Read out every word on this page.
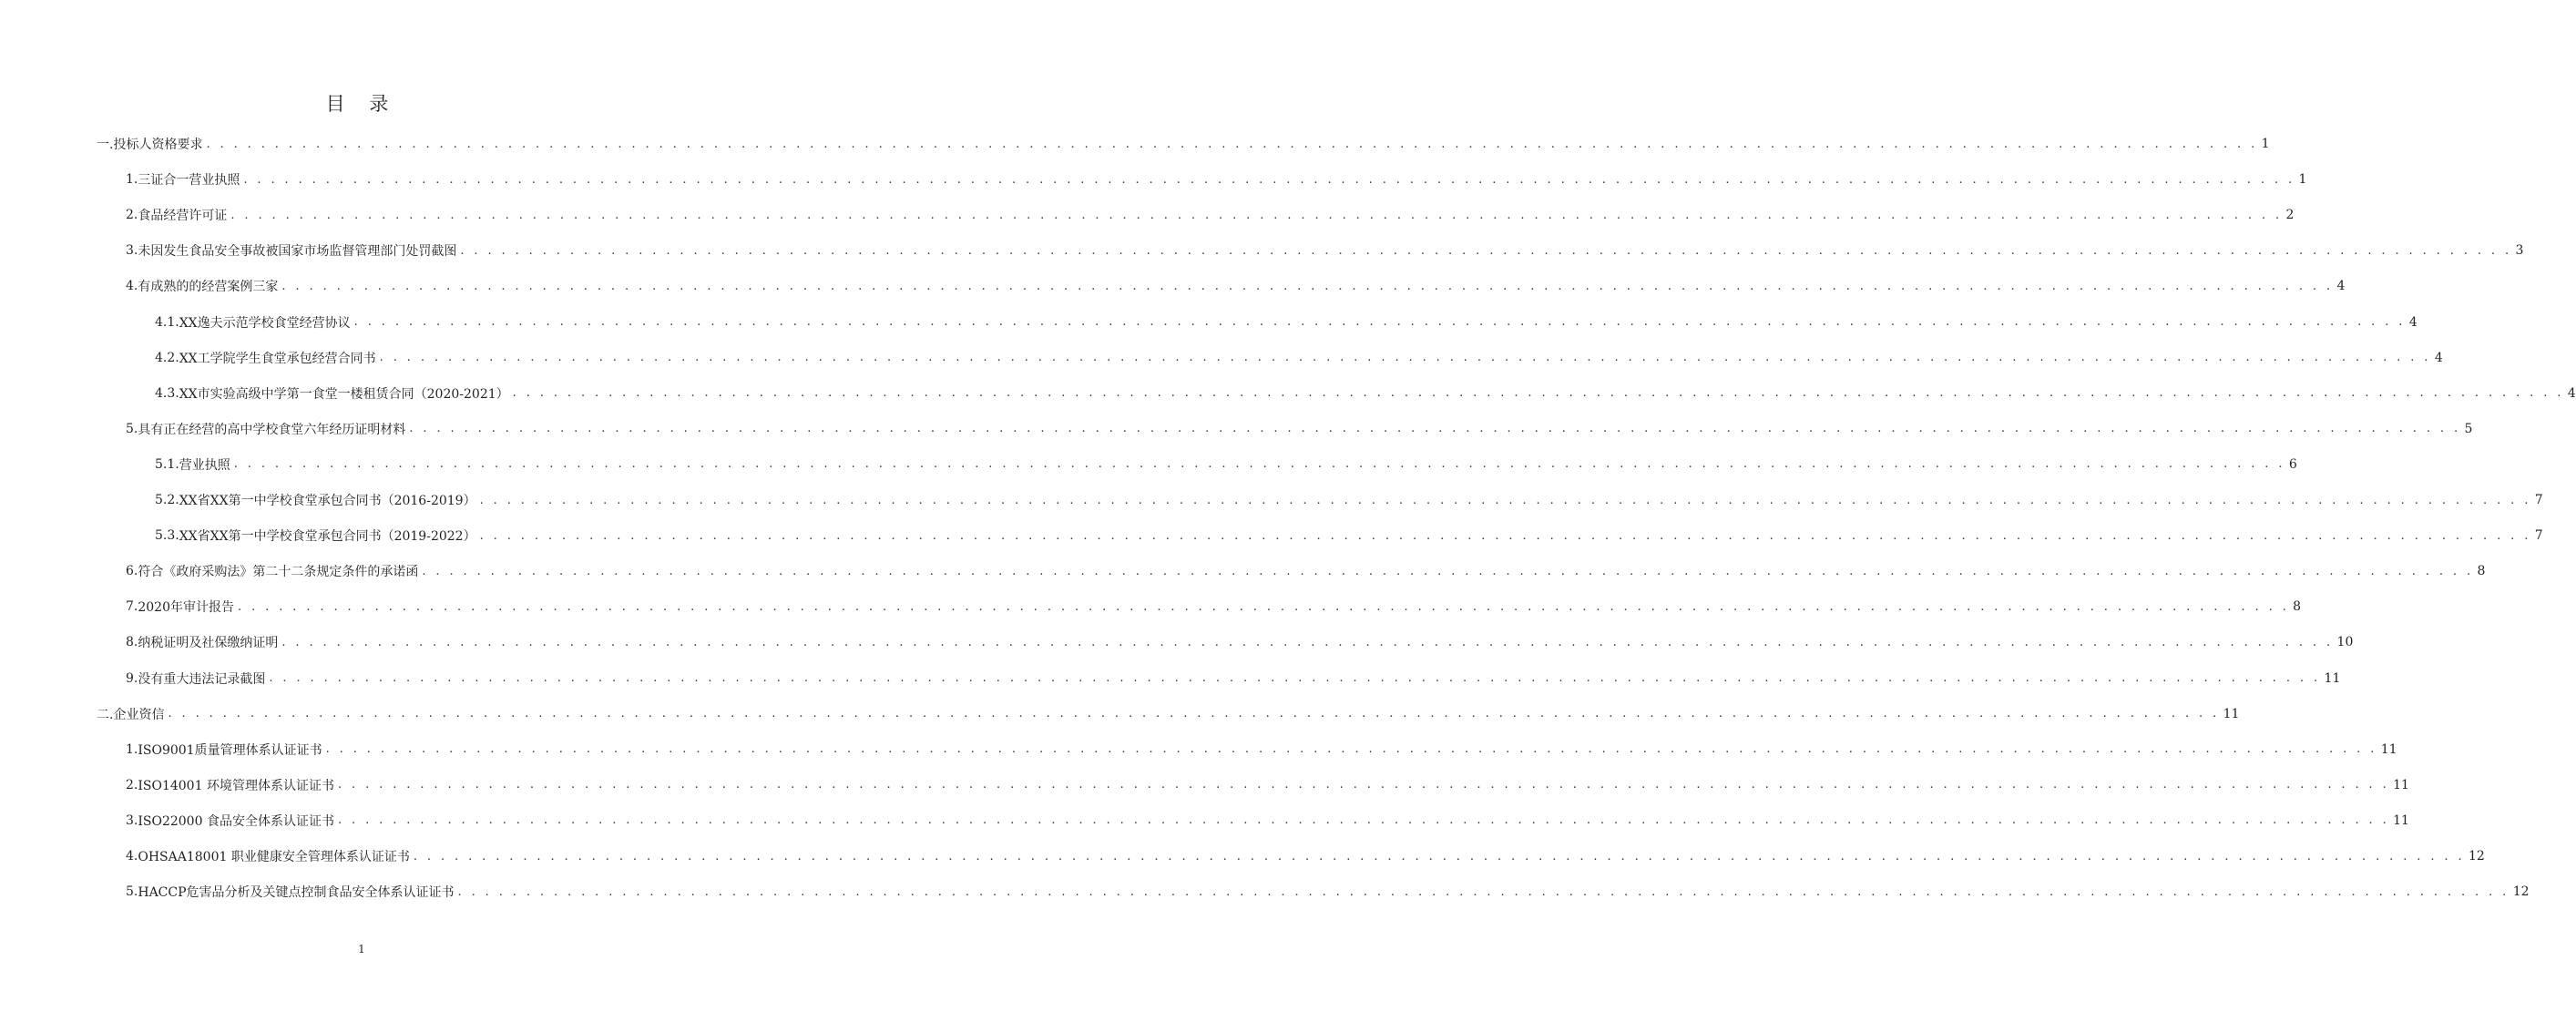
目 录
一. 投标人资格要求 . . . . . . . . . . . . . . . . . . . . . . . . . . . . . . . . . . . . . . . . . . . . . . . . . . . . . . . . . . . . . . . . . . . . . . . . . . . . . . . . . . . . . . . . . . . . . . . . . . . . . . . . . . . . . . . . . . . . . . . . . . . . . . . . . . . . . . . . . . . . . . . . . . . . . . 1
1. 三证合一营业执照 . . . . . . . . . . . . . . . . . . . . . . . . . . . . . . . . . . . . . . . . . . . . . . . . . . . . . . . . . . . . . . . . . . . . . . . . . . . . . . . . . . . . . . . . . . . . . . . . . . . . . . . . . . . . . . . . . . . . . . . . . . . . . . . . . . . . . . . . . . . . . . . . . . . . . . 1
2. 食品经营许可证 . . . . . . . . . . . . . . . . . . . . . . . . . . . . . . . . . . . . . . . . . . . . . . . . . . . . . . . . . . . . . . . . . . . . . . . . . . . . . . . . . . . . . . . . . . . . . . . . . . . . . . . . . . . . . . . . . . . . . . . . . . . . . . . . . . . . . . . . . . . . . . . . . . . . . . 2
3. 未因发生食品安全事故被国家市场监督管理部门处罚截图 . . . . . . . . . . . . . . . . . . . . . . . . . . . . . . . . . . . . . . . . . . . . . . . . . . . . . . . . . . . . . . . . . . . . . . . . . . . . . . . . . . . . . . . . . . . . . . . . . . . . . . . . . . . . . . . . . . . . . . . . . . . . . . . . . . . . . . . . . . . . . . . . . . . . . . 3
4. 有成熟的的经营案例三家 . . . . . . . . . . . . . . . . . . . . . . . . . . . . . . . . . . . . . . . . . . . . . . . . . . . . . . . . . . . . . . . . . . . . . . . . . . . . . . . . . . . . . . . . . . . . . . . . . . . . . . . . . . . . . . . . . . . . . . . . . . . . . . . . . . . . . . . . . . . . . . . . . . . . . . 4
4.1. XX逸夫示范学校食堂经营协议 . . . . . . . . . . . . . . . . . . . . . . . . . . . . . . . . . . . . . . . . . . . . . . . . . . . . . . . . . . . . . . . . . . . . . . . . . . . . . . . . . . . . . . . . . . . . . . . . . . . . . . . . . . . . . . . . . . . . . . . . . . . . . . . . . . . . . . . . . . . . . . . . . . . . . . 4
4.2. XX工学院学生食堂承包经营合同书 . . . . . . . . . . . . . . . . . . . . . . . . . . . . . . . . . . . . . . . . . . . . . . . . . . . . . . . . . . . . . . . . . . . . . . . . . . . . . . . . . . . . . . . . . . . . . . . . . . . . . . . . . . . . . . . . . . . . . . . . . . . . . . . . . . . . . . . . . . . . . . . . . . . . . . 4
4.3. XX市实验高级中学第一食堂一楼租赁合同（2020-2021） . . . . . . . . . . . . . . . . . . . . . . . . . . . . . . . . . . . . . . . . . . . . . . . . . . . . . . . . . . . . . . . . . . . . . . . . . . . . . . . . . . . . . . . . . . . . . . . . . . . . . . . . . . . . . . . . . . . . . . . . . . . . . . . . . . . . . . . . . . . . . . . . . . . . . . 4
5. 具有正在经营的高中学校食堂六年经历证明材料 . . . . . . . . . . . . . . . . . . . . . . . . . . . . . . . . . . . . . . . . . . . . . . . . . . . . . . . . . . . . . . . . . . . . . . . . . . . . . . . . . . . . . . . . . . . . . . . . . . . . . . . . . . . . . . . . . . . . . . . . . . . . . . . . . . . . . . . . . . . . . . . . . . . . . . 5
5.1. 营业执照 . . . . . . . . . . . . . . . . . . . . . . . . . . . . . . . . . . . . . . . . . . . . . . . . . . . . . . . . . . . . . . . . . . . . . . . . . . . . . . . . . . . . . . . . . . . . . . . . . . . . . . . . . . . . . . . . . . . . . . . . . . . . . . . . . . . . . . . . . . . . . . . . . . . . . . 6
5.2. XX省XX第一中学校食堂承包合同书（2016-2019） . . . . . . . . . . . . . . . . . . . . . . . . . . . . . . . . . . . . . . . . . . . . . . . . . . . . . . . . . . . . . . . . . . . . . . . . . . . . . . . . . . . . . . . . . . . . . . . . . . . . . . . . . . . . . . . . . . . . . . . . . . . . . . . . . . . . . . . . . . . . . . . . . . . . . . 7
5.3. XX省XX第一中学校食堂承包合同书（2019-2022） . . . . . . . . . . . . . . . . . . . . . . . . . . . . . . . . . . . . . . . . . . . . . . . . . . . . . . . . . . . . . . . . . . . . . . . . . . . . . . . . . . . . . . . . . . . . . . . . . . . . . . . . . . . . . . . . . . . . . . . . . . . . . . . . . . . . . . . . . . . . . . . . . . . . . . 7
6. 符合《政府采购法》第二十二条规定条件的承诺函 . . . . . . . . . . . . . . . . . . . . . . . . . . . . . . . . . . . . . . . . . . . . . . . . . . . . . . . . . . . . . . . . . . . . . . . . . . . . . . . . . . . . . . . . . . . . . . . . . . . . . . . . . . . . . . . . . . . . . . . . . . . . . . . . . . . . . . . . . . . . . . . . . . . . . . 8
7. 2020年审计报告 . . . . . . . . . . . . . . . . . . . . . . . . . . . . . . . . . . . . . . . . . . . . . . . . . . . . . . . . . . . . . . . . . . . . . . . . . . . . . . . . . . . . . . . . . . . . . . . . . . . . . . . . . . . . . . . . . . . . . . . . . . . . . . . . . . . . . . . . . . . . . . . . . . . . . . 8
8. 纳税证明及社保缴纳证明 . . . . . . . . . . . . . . . . . . . . . . . . . . . . . . . . . . . . . . . . . . . . . . . . . . . . . . . . . . . . . . . . . . . . . . . . . . . . . . . . . . . . . . . . . . . . . . . . . . . . . . . . . . . . . . . . . . . . . . . . . . . . . . . . . . . . . . . . . . . . . . . . . . . . . . 10
9. 没有重大违法记录截图 . . . . . . . . . . . . . . . . . . . . . . . . . . . . . . . . . . . . . . . . . . . . . . . . . . . . . . . . . . . . . . . . . . . . . . . . . . . . . . . . . . . . . . . . . . . . . . . . . . . . . . . . . . . . . . . . . . . . . . . . . . . . . . . . . . . . . . . . . . . . . . . . . . . . . . 11
二. 企业资信 . . . . . . . . . . . . . . . . . . . . . . . . . . . . . . . . . . . . . . . . . . . . . . . . . . . . . . . . . . . . . . . . . . . . . . . . . . . . . . . . . . . . . . . . . . . . . . . . . . . . . . . . . . . . . . . . . . . . . . . . . . . . . . . . . . . . . . . . . . . . . . . . . . . . . . 11
1. ISO9001质量管理体系认证证书 . . . . . . . . . . . . . . . . . . . . . . . . . . . . . . . . . . . . . . . . . . . . . . . . . . . . . . . . . . . . . . . . . . . . . . . . . . . . . . . . . . . . . . . . . . . . . . . . . . . . . . . . . . . . . . . . . . . . . . . . . . . . . . . . . . . . . . . . . . . . . . . . . . . . . . 11
2. ISO14001 环境管理体系认证证书 . . . . . . . . . . . . . . . . . . . . . . . . . . . . . . . . . . . . . . . . . . . . . . . . . . . . . . . . . . . . . . . . . . . . . . . . . . . . . . . . . . . . . . . . . . . . . . . . . . . . . . . . . . . . . . . . . . . . . . . . . . . . . . . . . . . . . . . . . . . . . . . . . . . . . . 11
3. ISO22000 食品安全体系认证证书 . . . . . . . . . . . . . . . . . . . . . . . . . . . . . . . . . . . . . . . . . . . . . . . . . . . . . . . . . . . . . . . . . . . . . . . . . . . . . . . . . . . . . . . . . . . . . . . . . . . . . . . . . . . . . . . . . . . . . . . . . . . . . . . . . . . . . . . . . . . . . . . . . . . . . . 11
4. OHSAA18001 职业健康安全管理体系认证证书 . . . . . . . . . . . . . . . . . . . . . . . . . . . . . . . . . . . . . . . . . . . . . . . . . . . . . . . . . . . . . . . . . . . . . . . . . . . . . . . . . . . . . . . . . . . . . . . . . . . . . . . . . . . . . . . . . . . . . . . . . . . . . . . . . . . . . . . . . . . . . . . . . . . . . . 12
5. HACCP危害品分析及关键点控制食品安全体系认证证书 . . . . . . . . . . . . . . . . . . . . . . . . . . . . . . . . . . . . . . . . . . . . . . . . . . . . . . . . . . . . . . . . . . . . . . . . . . . . . . . . . . . . . . . . . . . . . . . . . . . . . . . . . . . . . . . . . . . . . . . . . . . . . . . . . . . . . . . . . . . . . . . . . . . . . . 12
1
